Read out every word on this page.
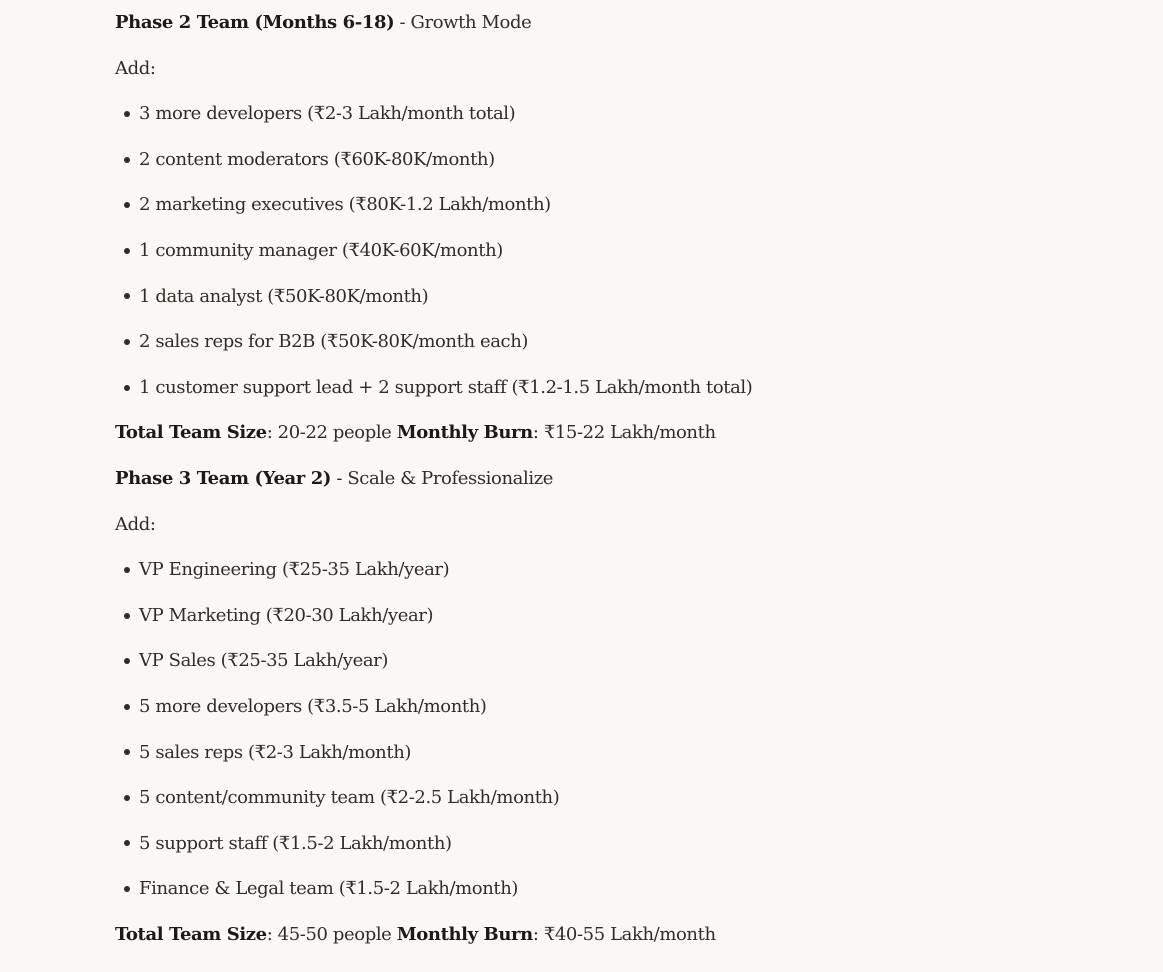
Phase 2 Team (Months 6-18) - Growth Mode
Add:
3 more developers (₹2-3 Lakh/month total)
2 content moderators (₹60K-80K/month)
2 marketing executives (₹80K-1.2 Lakh/month)
1 community manager (₹40K-60K/month)
1 data analyst (₹50K-80K/month)
2 sales reps for B2B (₹50K-80K/month each)
1 customer support lead + 2 support staff (₹1.2-1.5 Lakh/month total)
Total Team Size : 20-22 people Monthly Burn : ₹15-22 Lakh/month
Phase 3 Team (Year 2) - Scale & Professionalize
Add:
VP Engineering (₹25-35 Lakh/year)
VP Marketing (₹20-30 Lakh/year)
VP Sales (₹25-35 Lakh/year)
5 more developers (₹3.5-5 Lakh/month)
5 sales reps (₹2-3 Lakh/month)
5 content/community team (₹2-2.5 Lakh/month)
5 support staff (₹1.5-2 Lakh/month)
Finance & Legal team (₹1.5-2 Lakh/month)
Total Team Size : 45-50 people Monthly Burn : ₹40-55 Lakh/month
